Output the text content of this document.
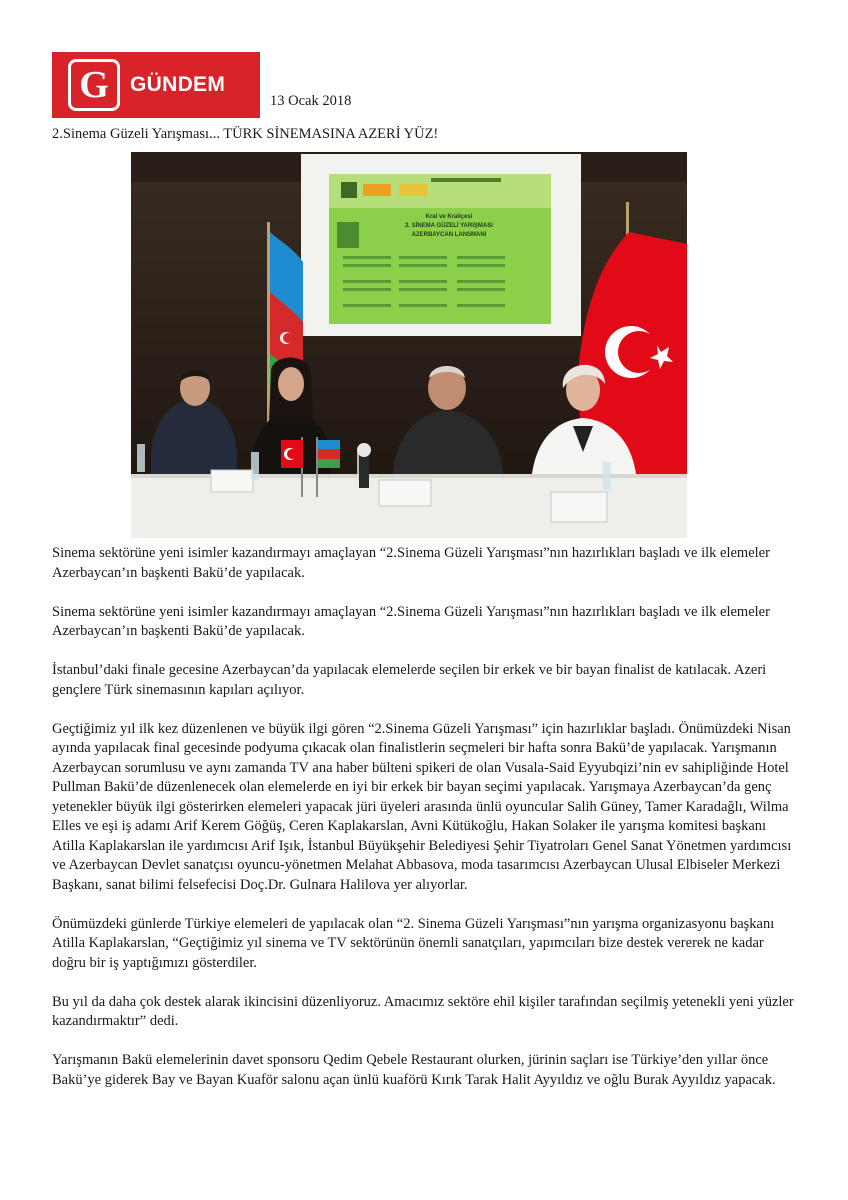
G	GÜNDEM
13 Ocak 2018
2.Sinema Güzeli Yarışması... TÜRK SİNEMASINA AZERİ YÜZ!
Kral ve Kraliçesi
2. SİNEMA GÜZELİ YARIŞMASI
AZERBAYCAN LANSMANI

Sinema sektörüne yeni isimler kazandırmayı amaçlayan “2.Sinema Güzeli Yarışması”nın hazırlıkları başladı ve ilk elemeler Azerbaycan’ın başkenti Bakü’de yapılacak.

Sinema sektörüne yeni isimler kazandırmayı amaçlayan “2.Sinema Güzeli Yarışması”nın hazırlıkları başladı ve ilk elemeler Azerbaycan’ın başkenti Bakü’de yapılacak.

İstanbul’daki finale gecesine Azerbaycan’da yapılacak elemelerde seçilen bir erkek ve bir bayan finalist de katılacak. Azeri gençlere Türk sinemasının kapıları açılıyor.

Geçtiğimiz yıl ilk kez düzenlenen ve büyük ilgi gören “2.Sinema Güzeli Yarışması” için hazırlıklar başladı. Önümüzdeki Nisan ayında yapılacak final gecesinde podyuma çıkacak olan finalistlerin seçmeleri bir hafta sonra Bakü’de yapılacak. Yarışmanın Azerbaycan sorumlusu ve aynı zamanda TV ana haber bülteni spikeri de olan Vusala-Said Eyyubqizi’nin ev sahipliğinde Hotel Pullman Bakü’de düzenlenecek olan elemelerde en iyi bir erkek bir bayan seçimi yapılacak. Yarışmaya Azerbaycan’da genç yetenekler büyük ilgi gösterirken elemeleri yapacak jüri üyeleri arasında ünlü oyuncular Salih Güney, Tamer Karadağlı, Wilma Elles ve eşi iş adamı Arif Kerem Göğüş, Ceren Kaplakarslan, Avni Kütükoğlu, Hakan Solaker ile yarışma komitesi başkanı Atilla Kaplakarslan ile yardımcısı Arif Işık, İstanbul Büyükşehir Belediyesi Şehir Tiyatroları Genel Sanat Yönetmen yardımcısı ve Azerbaycan Devlet sanatçısı oyuncu-yönetmen Melahat Abbasova, moda tasarımcısı Azerbaycan Ulusal Elbiseler Merkezi Başkanı, sanat bilimi felsefecisi Doç.Dr. Gulnara Halilova yer alıyorlar.

Önümüzdeki günlerde Türkiye elemeleri de yapılacak olan “2. Sinema Güzeli Yarışması”nın yarışma organizasyonu başkanı Atilla Kaplakarslan, “Geçtiğimiz yıl sinema ve TV sektörünün önemli sanatçıları, yapımcıları bize destek vererek ne kadar doğru bir iş yaptığımızı gösterdiler.

Bu yıl da daha çok destek alarak ikincisini düzenliyoruz. Amacımız sektöre ehil kişiler tarafından seçilmiş yetenekli yeni yüzler kazandırmaktır” dedi.

Yarışmanın Bakü elemelerinin davet sponsoru Qedim Qebele Restaurant olurken, jürinin saçları ise Türkiye’den yıllar önce Bakü’ye giderek Bay ve Bayan Kuaför salonu açan ünlü kuaförü Kırık Tarak Halit Ayyıldız ve oğlu Burak Ayyıldız yapacak.
